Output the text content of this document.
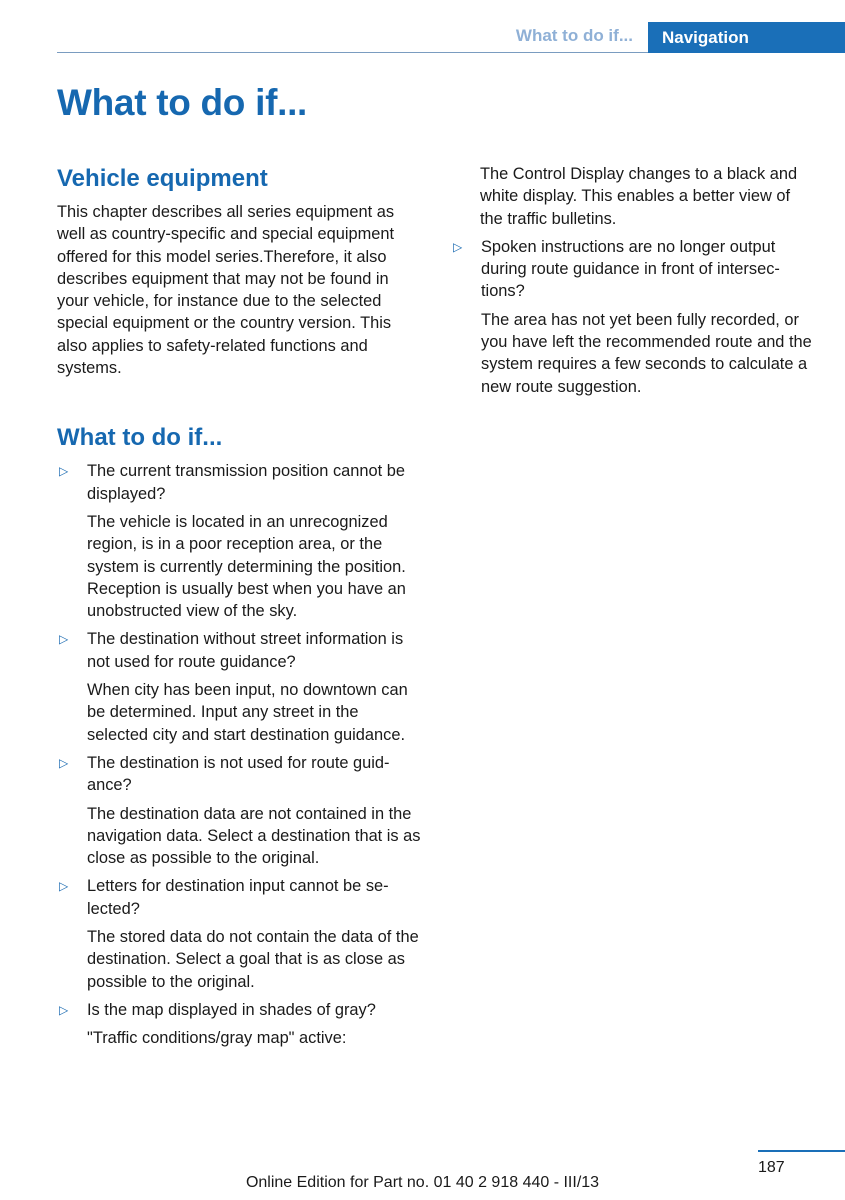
What to do if...	Navigation
What to do if...
Vehicle equipment

This chapter describes all series equipment as well as country-specific and special equipment offered for this model series.Therefore, it also describes equipment that may not be found in your vehicle, for instance due to the selected special equipment or the country version. This also applies to safety-related functions and systems.

What to do if...
▷ The current transmission position cannot be displayed?

The vehicle is located in an unrecognized region, is in a poor reception area, or the system is currently determining the position. Reception is usually best when you have an unobstructed view of the sky.

▷ The destination without street information is not used for route guidance?

When city has been input, no downtown can be determined. Input any street in the selected city and start destination guidance.

▷ The destination is not used for route guidance?

The destination data are not contained in the navigation data. Select a destination that is as close as possible to the original.

▷ Letters for destination input cannot be selected?

The stored data do not contain the data of the destination. Select a goal that is as close as possible to the original.

▷ Is the map displayed in shades of gray?

"Traffic conditions/gray map" active:

The Control Display changes to a black and white display. This enables a better view of the traffic bulletins.

▷ Spoken instructions are no longer output during route guidance in front of intersections?

The area has not yet been fully recorded, or you have left the recommended route and the system requires a few seconds to calculate a new route suggestion.

187
Online Edition for Part no. 01 40 2 918 440 - III/13
